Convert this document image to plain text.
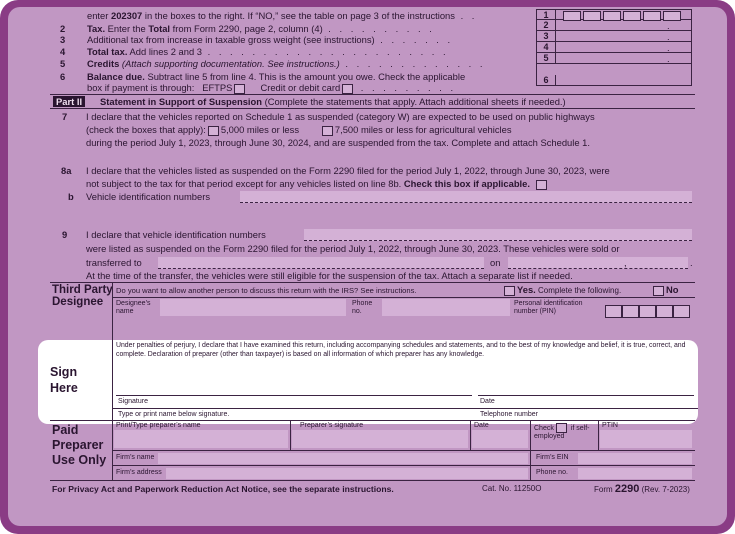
enter 202307 in the boxes to the right. If “NO,” see the table on page 3 of the instructions . .	1
2 Tax. Enter the Total from Form 2290, page 2, column (4) . . . . . . . . . .	2	.
3 Additional tax from increase in taxable gross weight (see instructions) . . . . . . .	3	.
4 Total tax. Add lines 2 and 3 . . . . . . . . . . . . . . . . . . . . . .	4	.
5 Credits (Attach supporting documentation. See instructions.) . . . . . . . . . . . . .	5	.
6 Balance due. Subtract line 5 from line 4. This is the amount you owe. Check the applicable
box if payment is through: EFTPS	Credit or debit card . . . . . . . . .
6
Part II	Statement in Support of Suspension (Complete the statements that apply. Attach additional sheets if needed.)
7 I declare that the vehicles reported on Schedule 1 as suspended (category W) are expected to be used on public highways
(check the boxes that apply): 5,000 miles or less	7,500 miles or less for agricultural vehicles
during the period July 1, 2023, through June 30, 2024, and are suspended from the tax. Complete and attach Schedule 1.
8a I declare that the vehicles listed as suspended on the Form 2290 filed for the period July 1, 2022, through June 30, 2023, were
not subject to the tax for that period except for any vehicles listed on line 8b. Check this box if applicable.
b Vehicle identification numbers
9 I declare that vehicle identification numbers
were listed as suspended on the Form 2290 filed for the period July 1, 2022, through June 30, 2023. These vehicles were sold or
transferred to	on	,	.
At the time of the transfer, the vehicles were still eligible for the suspension of the tax. Attach a separate list if needed.
Third Party Designee
Do you want to allow another person to discuss this return with the IRS? See instructions.	Yes. Complete the following.	No
Designee’s name
Phone no.
Personal identification number (PIN)
Sign Here
Under penalties of perjury, I declare that I have examined this return, including accompanying schedules and statements, and to the best of my knowledge and belief, it is true, correct, and complete. Declaration of preparer (other than taxpayer) is based on all information of which preparer has any knowledge.
Signature	Date
Type or print name below signature.	Telephone number
Paid Preparer Use Only
Print/Type preparer’s name	Preparer’s signature	Date	Check if self-employed
PTIN
Firm’s name	Firm’s EIN
Firm’s address	Phone no.
For Privacy Act and Paperwork Reduction Act Notice, see the separate instructions.	Cat. No. 11250O	Form 2290 (Rev. 7-2023)
